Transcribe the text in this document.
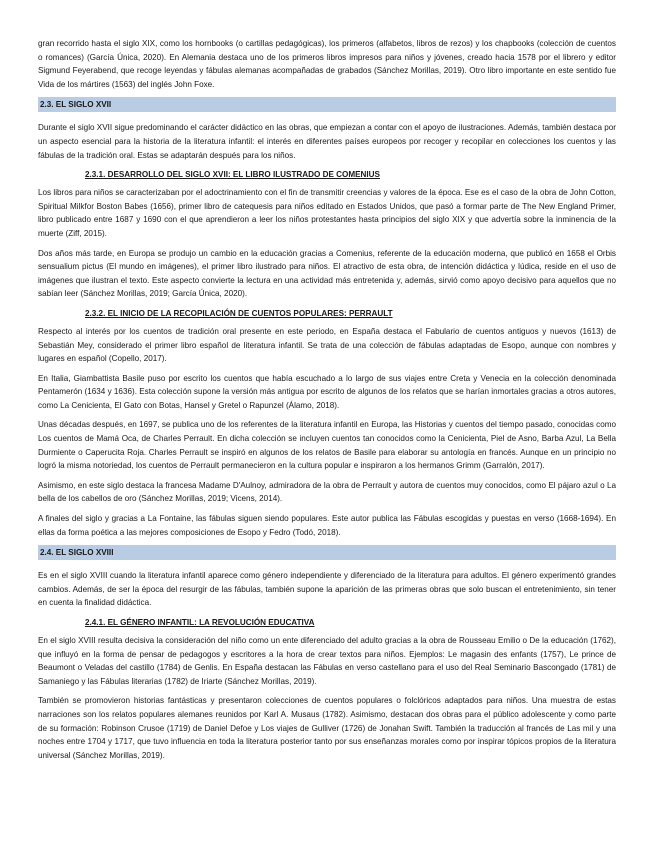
gran recorrido hasta el siglo XIX, como los hornbooks (o cartillas pedagógicas), los primeros (alfabetos, libros de rezos) y los chapbooks (colección de cuentos o romances) (García Única, 2020). En Alemania destaca uno de los primeros libros impresos para niños y jóvenes, creado hacia 1578 por el librero y editor Sigmund Feyerabend, que recoge leyendas y fábulas alemanas acompañadas de grabados (Sánchez Morillas, 2019). Otro libro importante en este sentido fue Vida de los mártires (1563) del inglés John Foxe.

2.3. EL SIGLO XVII

Durante el siglo XVII sigue predominando el carácter didáctico en las obras, que empiezan a contar con el apoyo de ilustraciones. Además, también destaca por un aspecto esencial para la historia de la literatura infantil: el interés en diferentes países europeos por recoger y recopilar en colecciones los cuentos y las fábulas de la tradición oral. Estas se adaptarán después para los niños.

2.3.1. DESARROLLO DEL SIGLO XVII: EL LIBRO ILUSTRADO DE COMENIUS

Los libros para niños se caracterizaban por el adoctrinamiento con el fin de transmitir creencias y valores de la época. Ese es el caso de la obra de John Cotton, Spiritual Milkfor Boston Babes (1656), primer libro de catequesis para niños editado en Estados Unidos, que pasó a formar parte de The New England Primer, libro publicado entre 1687 y 1690 con el que aprendieron a leer los niños protestantes hasta principios del siglo XIX y que advertía sobre la inminencia de la muerte (Ziff, 2015).

Dos años más tarde, en Europa se produjo un cambio en la educación gracias a Comenius, referente de la educación moderna, que publicó en 1658 el Orbis sensualium pictus (El mundo en imágenes), el primer libro ilustrado para niños. El atractivo de esta obra, de intención didáctica y lúdica, reside en el uso de imágenes que ilustran el texto. Este aspecto convierte la lectura en una actividad más entretenida y, además, sirvió como apoyo decisivo para aquellos que no sabían leer (Sánchez Morillas, 2019; García Única, 2020).

2.3.2. EL INICIO DE LA RECOPILACIÓN DE CUENTOS POPULARES: PERRAULT

Respecto al interés por los cuentos de tradición oral presente en este periodo, en España destaca el Fabulario de cuentos antiguos y nuevos (1613) de Sebastián Mey, considerado el primer libro español de literatura infantil. Se trata de una colección de fábulas adaptadas de Esopo, aunque con nombres y lugares en español (Copello, 2017).

En Italia, Giambattista Basile puso por escrito los cuentos que había escuchado a lo largo de sus viajes entre Creta y Venecia en la colección denominada Pentamerón (1634 y 1636). Esta colección supone la versión más antigua por escrito de algunos de los relatos que se harían inmortales gracias a otros autores, como La Cenicienta, El Gato con Botas, Hansel y Gretel o Rapunzel (Álamo, 2018).

Unas décadas después, en 1697, se publica uno de los referentes de la literatura infantil en Europa, las Historias y cuentos del tiempo pasado, conocidas como Los cuentos de Mamá Oca, de Charles Perrault. En dicha colección se incluyen cuentos tan conocidos como la Cenicienta, Piel de Asno, Barba Azul, La Bella Durmiente o Caperucita Roja. Charles Perrault se inspiró en algunos de los relatos de Basile para elaborar su antología en francés. Aunque en un principio no logró la misma notoriedad, los cuentos de Perrault permanecieron en la cultura popular e inspiraron a los hermanos Grimm (Garralón, 2017).

Asimismo, en este siglo destaca la francesa Madame D'Aulnoy, admiradora de la obra de Perrault y autora de cuentos muy conocidos, como El pájaro azul o La bella de los cabellos de oro (Sánchez Morillas, 2019; Vicens, 2014).

A finales del siglo y gracias a La Fontaine, las fábulas siguen siendo populares. Este autor publica las Fábulas escogidas y puestas en verso (1668-1694). En ellas da forma poética a las mejores composiciones de Esopo y Fedro (Todó, 2018).

2.4. EL SIGLO XVIII

Es en el siglo XVIII cuando la literatura infantil aparece como género independiente y diferenciado de la literatura para adultos. El género experimentó grandes cambios. Además, de ser la época del resurgir de las fábulas, también supone la aparición de las primeras obras que solo buscan el entretenimiento, sin tener en cuenta la finalidad didáctica.

2.4.1. EL GÉNERO INFANTIL: LA REVOLUCIÓN EDUCATIVA

En el siglo XVIII resulta decisiva la consideración del niño como un ente diferenciado del adulto gracias a la obra de Rousseau Emilio o De la educación (1762), que influyó en la forma de pensar de pedagogos y escritores a la hora de crear textos para niños. Ejemplos: Le magasin des enfants (1757), Le prince de Beaumont o Veladas del castillo (1784) de Genlis. En España destacan las Fábulas en verso castellano para el uso del Real Seminario Bascongado (1781) de Samaniego y las Fábulas literarias (1782) de Iriarte (Sánchez Morillas, 2019).

También se promovieron historias fantásticas y presentaron colecciones de cuentos populares o folclóricos adaptados para niños. Una muestra de estas narraciones son los relatos populares alemanes reunidos por Karl A. Musaus (1782). Asimismo, destacan dos obras para el público adolescente y como parte de su formación: Robinson Crusoe (1719) de Daniel Defoe y Los viajes de Gulliver (1726) de Jonahan Swift. También la traducción al francés de Las mil y una noches entre 1704 y 1717, que tuvo influencia en toda la literatura posterior tanto por sus enseñanzas morales como por inspirar tópicos propios de la literatura universal (Sánchez Morillas, 2019).
